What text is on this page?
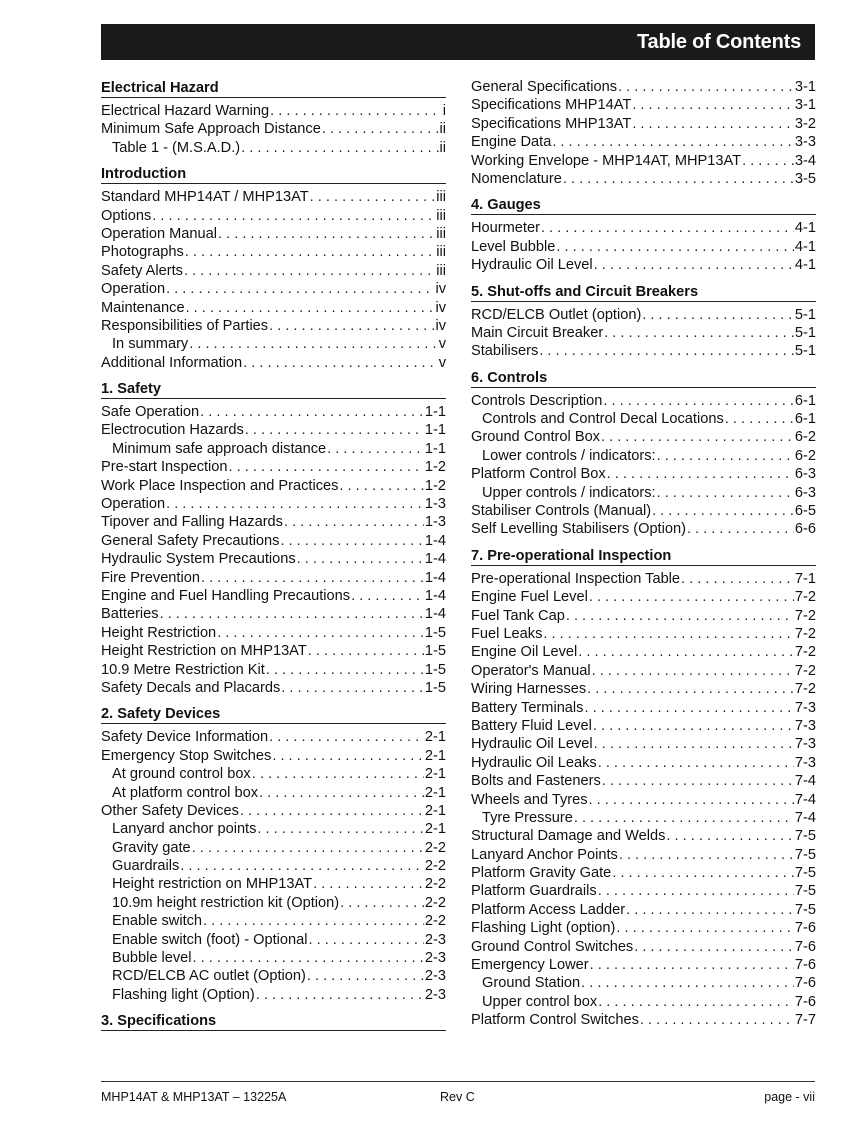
Table of Contents
Electrical Hazard
Electrical Hazard Warning . . .	i
Minimum Safe Approach Distance . . .	ii
Table 1 - (M.S.A.D.) . . .	ii
Introduction
Standard MHP14AT / MHP13AT . . .	iii
Options . . .	iii
Operation Manual . . .	iii
Photographs . . .	iii
Safety Alerts . . .	iii
Operation . . .	iv
Maintenance . . .	iv
Responsibilities of Parties . . .	iv
In summary . . .	v
Additional Information . . .	v
1. Safety
Safe Operation . . .	1-1
Electrocution Hazards . . .	1-1
Minimum safe approach distance . . .	1-1
Pre-start Inspection . . .	1-2
Work Place Inspection and Practices . . .	1-2
Operation . . .	1-3
Tipover and Falling Hazards . . .	1-3
General Safety Precautions . . .	1-4
Hydraulic System Precautions . . .	1-4
Fire Prevention . . .	1-4
Engine and Fuel Handling Precautions . . .	1-4
Batteries . . .	1-4
Height Restriction . . .	1-5
Height Restriction on MHP13AT . . .	1-5
10.9 Metre Restriction Kit . . .	1-5
Safety Decals and Placards . . .	1-5
2. Safety Devices
Safety Device Information . . .	2-1
Emergency Stop Switches . . .	2-1
At ground control box . . .	2-1
At platform control box . . .	2-1
Other Safety Devices . . .	2-1
Lanyard anchor points . . .	2-1
Gravity gate . . .	2-2
Guardrails . . .	2-2
Height restriction on MHP13AT . . .	2-2
10.9m height restriction kit (Option) . . .	2-2
Enable switch . . .	2-2
Enable switch (foot) - Optional . . .	2-3
Bubble level . . .	2-3
RCD/ELCB AC outlet (Option) . . .	2-3
Flashing light (Option) . . .	2-3
3. Specifications
General Specifications . . .	3-1
Specifications MHP14AT . . .	3-1
Specifications MHP13AT . . .	3-2
Engine Data . . .	3-3
Working Envelope - MHP14AT, MHP13AT . . .	3-4
Nomenclature . . .	3-5
4. Gauges
Hourmeter . . .	4-1
Level Bubble . . .	4-1
Hydraulic Oil Level . . .	4-1
5. Shut-offs and Circuit Breakers
RCD/ELCB Outlet (option) . . .	5-1
Main Circuit Breaker . . .	5-1
Stabilisers . . .	5-1
6. Controls
Controls Description . . .	6-1
Controls and Control Decal Locations . . .	6-1
Ground Control Box . . .	6-2
Lower controls / indicators: . . .	6-2
Platform Control Box . . .	6-3
Upper controls / indicators: . . .	6-3
Stabiliser Controls (Manual) . . .	6-5
Self Levelling Stabilisers (Option) . . .	6-6
7. Pre-operational Inspection
Pre-operational Inspection Table . . .	7-1
Engine Fuel Level . . .	7-2
Fuel Tank Cap . . .	7-2
Fuel Leaks . . .	7-2
Engine Oil Level . . .	7-2
Operator's Manual . . .	7-2
Wiring Harnesses . . .	7-2
Battery Terminals . . .	7-3
Battery Fluid Level . . .	7-3
Hydraulic Oil Level . . .	7-3
Hydraulic Oil Leaks . . .	7-3
Bolts and Fasteners . . .	7-4
Wheels and Tyres . . .	7-4
Tyre Pressure . . .	7-4
Structural Damage and Welds . . .	7-5
Lanyard Anchor Points . . .	7-5
Platform Gravity Gate . . .	7-5
Platform Guardrails . . .	7-5
Platform Access Ladder . . .	7-5
Flashing Light (option) . . .	7-6
Ground Control Switches . . .	7-6
Emergency Lower . . .	7-6
Ground Station . . .	7-6
Upper control box . . .	7-6
Platform Control Switches . . .	7-7
MHP14AT & MHP13AT – 13225A	Rev C	page - vii
